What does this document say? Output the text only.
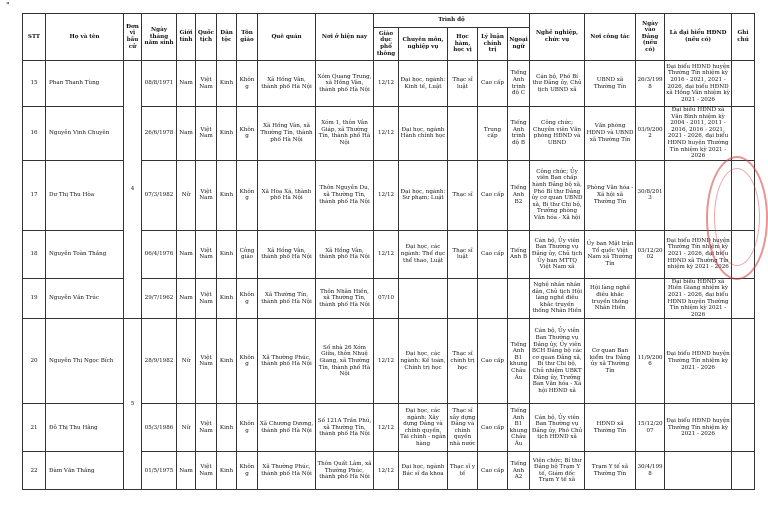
"
STT	Họ và tên	Đơn vị bầu cử	Ngày tháng năm sinh	Giới tính	Quốc tịch	Dân tộc	Tôn giáo	Quê quán	Nơi ở hiện nay	Trình độ					Nghề nghiệp, chức vụ	Nơi công tác	Ngày vào Đảng (nếu có)	Là đại biểu HĐND (nếu có)	Ghi chú
										Giáo dục phổ thông	Chuyên môn, nghiệp vụ	Học hàm, học vị	Lý luận chính trị	Ngoại ngữ					
15	Phan Thanh Tùng	4	08/8/1971	Nam	Việt Nam	Kinh	Không	Xã Hồng Vân, thành phố Hà Nội	Xóm Quang Trung, xã Hồng Vân, thành phố Hà Nội	12/12	Đại học, ngành: Kinh tế, Luật	Thạc sĩ luật	Cao cấp	Tiếng Anh trình độ C	Cán bộ, Phó Bí thư Đảng ủy, Chủ tịch UBND xã	UBND xã Thường Tín	26/3/1998	Đại biểu HĐND huyện Thường Tín nhiệm kỳ 2016 - 2021, 2021 - 2026, đại biểu HĐND xã Hồng Vân nhiệm kỳ 2021 - 2026	
16	Nguyễn Vinh Chuyên		26/6/1978	Nam	Việt Nam	Kinh	Không	Xã Hồng Vân, xã Thường Tín, thành phố Hà Nội	Xóm 1, thôn Vân Giáp, xã Thường Tín, thành phố Hà Nội	12/12	Đại học, ngành Hành chính học		Trung cấp	Tiếng Anh trình độ B	Công chức; Chuyên viên Văn phòng HĐND và UBND	Văn phòng HĐND và UBND xã Thường Tín	03/9/2002	Đại biểu HĐND xã Văn Bình nhiệm kỳ 2004 - 2011, 2011 - 2016, 2016 - 2021, 2021 - 2026, đại biểu HĐND huyện Thường Tín nhiệm kỳ 2021 - 2026	
17	Dư Thị Thu Hòa		07/3/1982	Nữ	Việt Nam	Kinh	Không	Xã Hòa Xá, thành phố Hà Nội	Thôn Nguyễn Du, xã Thường Tín, thành phố Hà Nội	12/12	Đại học, ngành: Sư phạm; Luật	Thạc sĩ	Cao cấp	Tiếng Anh B2	Công chức; Ủy viên Ban chấp hành Đảng bộ xã, Phó Bí thư Đảng ủy cơ quan UBND xã, Bí thư Chi bộ, Trưởng phòng Văn hóa - Xã hội	Phòng Văn hóa - Xã hội xã Thường Tín	30/8/2013		
18	Nguyễn Toàn Thắng		06/4/1976	Nam	Việt Nam	Kinh	Công giáo	Xã Hồng Vân, thành phố Hà Nội	Xã Hồng Vân, thành phố Hà Nội	12/12	Đại học, các ngành: Thể dục thể thao, Luật	Thạc sĩ luật	Cao cấp	Tiếng Anh B	Cán bộ, Ủy viên Ban Thường vụ Đảng ủy, Chủ tịch Ủy ban MTTQ Việt Nam xã	Ủy ban Mặt trận Tổ quốc Việt Nam xã Thường Tín	03/12/2002	Đại biểu HĐND huyện Thường Tín nhiệm kỳ 2021 - 2026, đại biểu HĐND xã Thường Tín nhiệm kỳ 2021 - 2026	
19	Nguyễn Văn Trúc		29/7/1962	Nam	Việt Nam	Kinh	Không	Xã Thường Tín, thành phố Hà Nội	Thôn Nhân Hiền, xã Thường Tín, thành phố Hà Nội	07/10					Nghệ nhân nhân dân, Chủ tịch Hội làng nghề điêu khắc truyền thống Nhân Hiền	Hội làng nghề điêu khắc truyền thống Nhân Hiền		Đại biểu HĐND xã Hiền Giang nhiệm kỳ 2021 - 2026, đại biểu HĐND huyện Thường Tín nhiệm kỳ 2021 - 2026	
20	Nguyễn Thị Ngọc Bích	5	28/9/1982	Nữ	Việt Nam	Kinh	Không	Xã Thường Phúc, thành phố Hà Nội	Số nhà 26 Xóm Giữa, thôn Nhuệ Giang, xã Thường Tín, thành phố Hà Nội	12/12	Đại học, các ngành: Kế toán, Chính trị học	Thạc sĩ chính trị học	Cao cấp	Tiếng Anh B1 khung Châu Âu	Cán bộ, Ủy viên Ban Thường vụ Đảng ủy, Ủy viên BCH Đảng bộ các cơ quan Đảng xã, Bí thư Chi bộ, Chủ nhiệm UBKT Đảng ủy, Trưởng Ban Văn hóa - Xã hội HĐND xã	Cơ quan Ban kiểm tra Đảng ủy xã Thường Tín	11/9/2006	Đại biểu HĐND huyện Thường Tín nhiệm kỳ 2021 - 2026	
21	Đỗ Thị Thu Hằng		05/3/1986	Nữ	Việt Nam	Kinh	Không	Xã Chương Dương, thành phố Hà Nội	Số 121A Trần Phú, xã Thường Tín, thành phố Hà Nội	12/12	Đại học, các ngành: Xây dựng Đảng và chính quyền, Tài chính - ngân hàng	Thạc sĩ xây dựng Đảng và chính quyền nhà nước	Cao cấp	Tiếng Anh B1 khung Châu Âu	Cán bộ, Ủy viên Ban Thường vụ Đảng ủy, Phó Chủ tịch HĐND xã	HĐND xã Thường Tín	15/12/2007	Đại biểu HĐND huyện Thường Tín nhiệm kỳ 2021 - 2026	
22	Đàm Văn Thắng		01/5/1975	Nam	Việt Nam	Kinh	Không	Xã Thường Phúc, thành phố Hà Nội	Thôn Quất Lâm, xã Thường Phúc, thành phố Hà Nội	12/12	Đại học, ngành Bác sĩ đa khoa	Thạc sĩ y tế	Cao cấp	Tiếng Anh A2	Viên chức; Bí thư Đảng bộ Trạm Y tế, Giám đốc Trạm Y tế xã	Trạm Y tế xã Thường Tín	30/4/1998		
